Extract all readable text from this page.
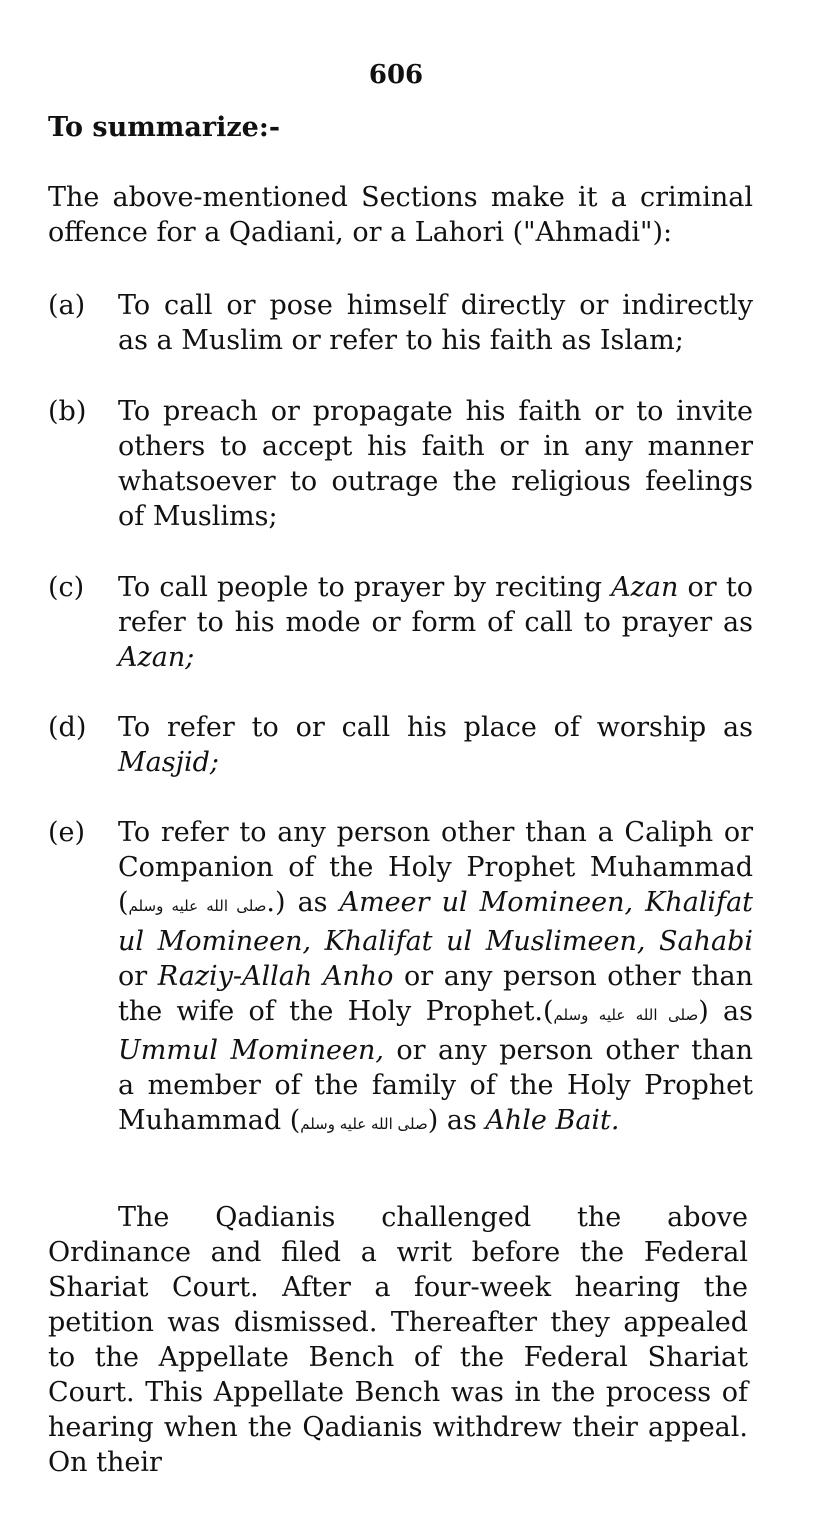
606
To summarize:-
The above-mentioned Sections make it a criminal offence for a Qadiani, or a Lahori ("Ahmadi"):
(a)	To call or pose himself directly or indirectly as a Muslim or refer to his faith as Islam;
(b)	To preach or propagate his faith or to invite others to accept his faith or in any manner whatsoever to outrage the religious feelings of Muslims;
(c)	To call people to prayer by reciting Azan or to refer to his mode or form of call to prayer as Azan;
(d)	To refer to or call his place of worship as Masjid;
(e)	To refer to any person other than a Caliph or Companion of the Holy Prophet Muhammad (صلى الله عليه وسلم.) as Ameer ul Momineen, Khalifat ul Momineen, Khalifat ul Muslimeen, Sahabi or Raziy-Allah Anho or any person other than the wife of the Holy Prophet.(صلى الله عليه وسلم) as Ummul Momineen, or any person other than a member of the family of the Holy Prophet Muhammad (صلى الله عليه وسلم) as Ahle Bait.
The Qadianis challenged the above Ordinance and filed a writ before the Federal Shariat Court. After a four-week hearing the petition was dismissed. Thereafter they appealed to the Appellate Bench of the Federal Shariat Court. This Appellate Bench was in the process of hearing when the Qadianis withdrew their appeal. On their
